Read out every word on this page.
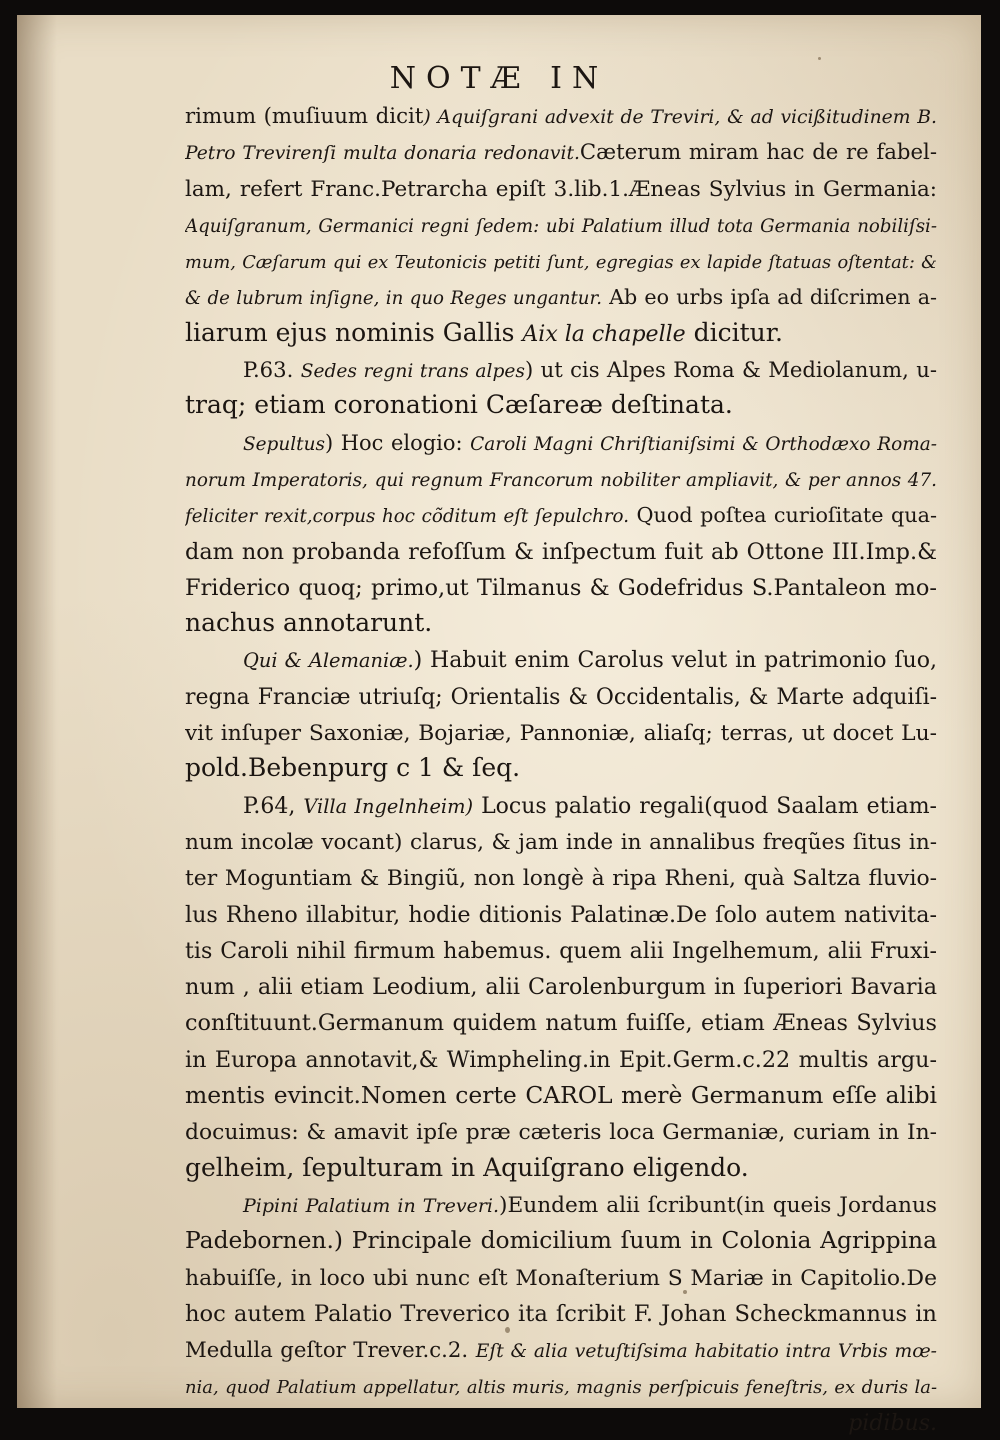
NOTÆ IN
rimum (muſiuum dicit) Aquiſgrani advexit de Treviri, & ad vicißitudinem B.
Petro Trevirenſi multa donaria redonavit.Cæterum miram hac de re fabel-
lam, refert Franc.Petrarcha epiſt 3.lib.1.Æneas Sylvius in Germania:
Aquiſgranum, Germanici regni ſedem: ubi Palatium illud tota Germania nobiliſsi-
mum, Cæſarum qui ex Teutonicis petiti ſunt, egregias ex lapide ſtatuas oſtentat: &
& de lubrum inſigne, in quo Reges ungantur. Ab eo urbs ipſa ad diſcrimen a-
liarum ejus nominis Gallis Aix la chapelle dicitur.
P.63. Sedes regni trans alpes) ut cis Alpes Roma & Mediolanum, u-
traq; etiam coronationi Cæſareæ deſtinata.
Sepultus) Hoc elogio: Caroli Magni Chriſtianiſsimi & Orthodæxo Roma-
norum Imperatoris, qui regnum Francorum nobiliter ampliavit, & per annos 47.
feliciter rexit,corpus hoc cõditum eſt ſepulchro. Quod poſtea curioſitate qua-
dam non probanda refoſſum & inſpectum fuit ab Ottone III.Imp.&
Friderico quoq; primo,ut Tilmanus & Godefridus S.Pantaleon mo-
nachus annotarunt.
Qui & Alemaniæ.) Habuit enim Carolus velut in patrimonio ſuo,
regna Franciæ utriuſq; Orientalis & Occidentalis, & Marte adquiſi-
vit inſuper Saxoniæ, Bojariæ, Pannoniæ, aliaſq; terras, ut docet Lu-
pold.Bebenpurg c 1 & ſeq.
P.64, Villa Ingelnheim) Locus palatio regali(quod Saalam etiam-
num incolæ vocant) clarus, & jam inde in annalibus freqũes ſitus in-
ter Moguntiam & Bingiũ, non longè à ripa Rheni, quà Saltza fluvio-
lus Rheno illabitur, hodie ditionis Palatinæ.De ſolo autem nativita-
tis Caroli nihil firmum habemus. quem alii Ingelhemum, alii Fruxi-
num , alii etiam Leodium, alii Carolenburgum in ſuperiori Bavaria
conſtituunt.Germanum quidem natum fuiſſe, etiam Æneas Sylvius
in Europa annotavit,& Wimpheling.in Epit.Germ.c.22 multis argu-
mentis evincit.Nomen certe CAROL merè Germanum eſſe alibi
docuimus: & amavit ipſe præ cæteris loca Germaniæ, curiam in In-
gelheim, ſepulturam in Aquiſgrano eligendo.
Pipini Palatium in Treveri.)Eundem alii ſcribunt(in queis Jordanus
Padebornen.) Principale domicilium ſuum in Colonia Agrippina
habuiſſe, in loco ubi nunc eſt Monaſterium S Mariæ in Capitolio.De
hoc autem Palatio Treverico ita ſcribit F. Johan Scheckmannus in
Medulla geſtor Trever.c.2. Eſt & alia vetuſtiſsima habitatio intra Vrbis mœ-
nia, quod Palatium appellatur, altis muris, magnis perſpicuis feneſtris, ex duris la-
pidibus.
